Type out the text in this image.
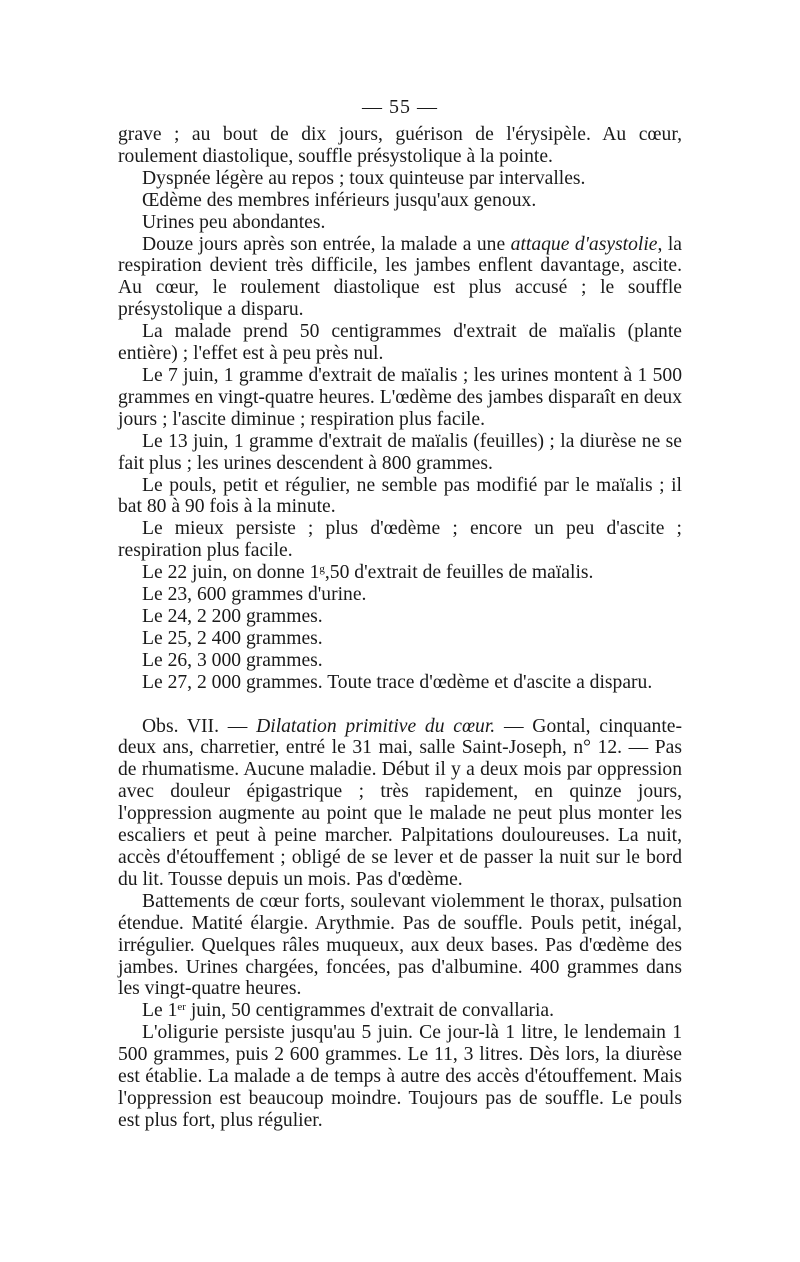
— 55 —

grave ; au bout de dix jours, guérison de l'érysipèle. Au cœur, roulement diastolique, souffle présystolique à la pointe.

Dyspnée légère au repos ; toux quinteuse par intervalles.

Œdème des membres inférieurs jusqu'aux genoux.

Urines peu abondantes.

Douze jours après son entrée, la malade a une attaque d'asystolie, la respiration devient très difficile, les jambes enflent davantage, ascite. Au cœur, le roulement diastolique est plus accusé ; le souffle présystolique a disparu.

La malade prend 50 centigrammes d'extrait de maïalis (plante entière) ; l'effet est à peu près nul.

Le 7 juin, 1 gramme d'extrait de maïalis ; les urines montent à 1 500 grammes en vingt-quatre heures. L'œdème des jambes disparaît en deux jours ; l'ascite diminue ; respiration plus facile.

Le 13 juin, 1 gramme d'extrait de maïalis (feuilles) ; la diurèse ne se fait plus ; les urines descendent à 800 grammes.

Le pouls, petit et régulier, ne semble pas modifié par le maïalis ; il bat 80 à 90 fois à la minute.

Le mieux persiste ; plus d'œdème ; encore un peu d'ascite ; respiration plus facile.

Le 22 juin, on donne 1$^g$,50 d'extrait de feuilles de maïalis.

Le 23, 600 grammes d'urine.

Le 24, 2 200 grammes.

Le 25, 2 400 grammes.

Le 26, 3 000 grammes.

Le 27, 2 000 grammes. Toute trace d'œdème et d'ascite a disparu.

Obs. VII. — Dilatation primitive du cœur. — Gontal, cinquante-deux ans, charretier, entré le 31 mai, salle Saint-Joseph, n° 12. — Pas de rhumatisme. Aucune maladie. Début il y a deux mois par oppression avec douleur épigastrique ; très rapidement, en quinze jours, l'oppression augmente au point que le malade ne peut plus monter les escaliers et peut à peine marcher. Palpitations douloureuses. La nuit, accès d'étouffement ; obligé de se lever et de passer la nuit sur le bord du lit. Tousse depuis un mois. Pas d'œdème.

Battements de cœur forts, soulevant violemment le thorax, pulsation étendue. Matité élargie. Arythmie. Pas de souffle. Pouls petit, inégal, irrégulier. Quelques râles muqueux, aux deux bases. Pas d'œdème des jambes. Urines chargées, foncées, pas d'albumine. 400 grammes dans les vingt-quatre heures.

Le 1er juin, 50 centigrammes d'extrait de convallaria.

L'oligurie persiste jusqu'au 5 juin. Ce jour-là 1 litre, le lendemain 1 500 grammes, puis 2 600 grammes. Le 11, 3 litres. Dès lors, la diurèse est établie. La malade a de temps à autre des accès d'étouffement. Mais l'oppression est beaucoup moindre. Toujours pas de souffle. Le pouls est plus fort, plus régulier.
